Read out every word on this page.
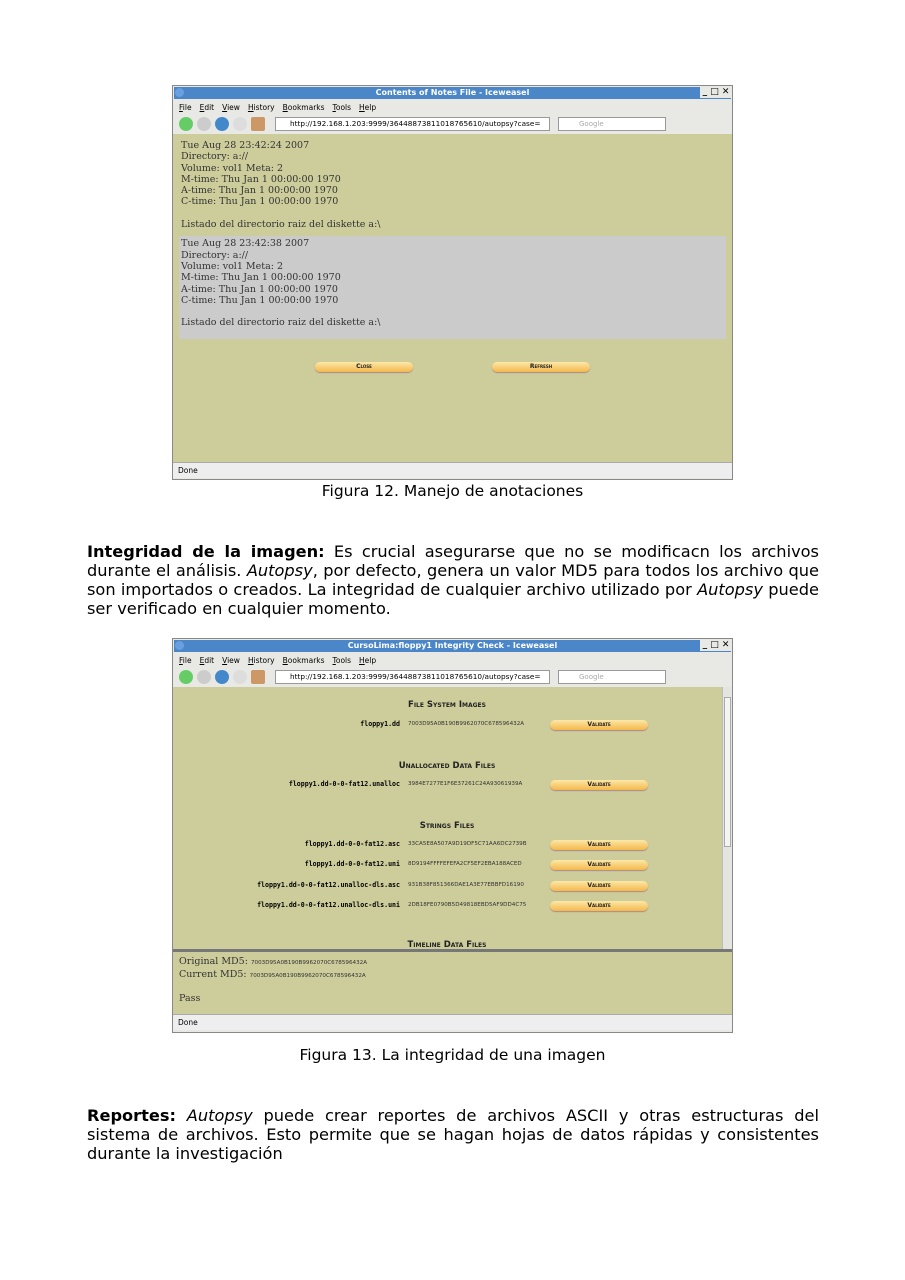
Contents of Notes File - Iceweasel	_ □ ✕
File Edit View History Bookmarks Tools Help
http://192.168.1.203:9999/36448873811018765610/autopsy?case=	Google
Tue Aug 28 23:42:24 2007
Directory: a://
Volume: vol1 Meta: 2
M-time: Thu Jan 1 00:00:00 1970
A-time: Thu Jan 1 00:00:00 1970
C-time: Thu Jan 1 00:00:00 1970
Listado del directorio raiz del diskette a:\
Tue Aug 28 23:42:38 2007
Directory: a://
Volume: vol1 Meta: 2
M-time: Thu Jan 1 00:00:00 1970
A-time: Thu Jan 1 00:00:00 1970
C-time: Thu Jan 1 00:00:00 1970
Listado del directorio raiz del diskette a:\
Close	Refresh
Done
Figura 12. Manejo de anotaciones

Integridad de la imagen: Es crucial asegurarse que no se modificacn los archivos durante el análisis. Autopsy, por defecto, genera un valor MD5 para todos los archivo que son importados o creados. La integridad de cualquier archivo utilizado por Autopsy puede ser verificado en cualquier momento.

CursoLima:floppy1 Integrity Check - Iceweasel	_ □ ✕
File Edit View History Bookmarks Tools Help
http://192.168.1.203:9999/36448873811018765610/autopsy?case=	Google
File System Images
floppy1.dd 7003D95A0B190B9962070C678596432A	Validate
Unallocated Data Files
floppy1.dd-0-0-fat12.unalloc 3984E7277E1F6E37261C24A93061939A	Validate
Strings Files
floppy1.dd-0-0-fat12.asc 33CA5E8A507A9D19DF5C71AA6DC2739B	Validate
floppy1.dd-0-0-fat12.uni 8D9194FFFFEFEFA2CF5EF2EBA188ACED	Validate
floppy1.dd-0-0-fat12.unalloc-dls.asc 931B38F851366DAE1A3E77EBBFD16190	Validate
floppy1.dd-0-0-fat12.unalloc-dls.uni 2DB18FE0790B5D49818EBD5AF9DD4C75	Validate
Timeline Data Files
Original MD5: 7003D95A0B190B9962070C678596432A
Current MD5: 7003D95A0B190B9962070C678596432A
Pass
Done
Figura 13. La integridad de una imagen

Reportes: Autopsy puede crear reportes de archivos ASCII y otras estructuras del sistema de archivos. Esto permite que se hagan hojas de datos rápidas y consistentes durante la investigación
